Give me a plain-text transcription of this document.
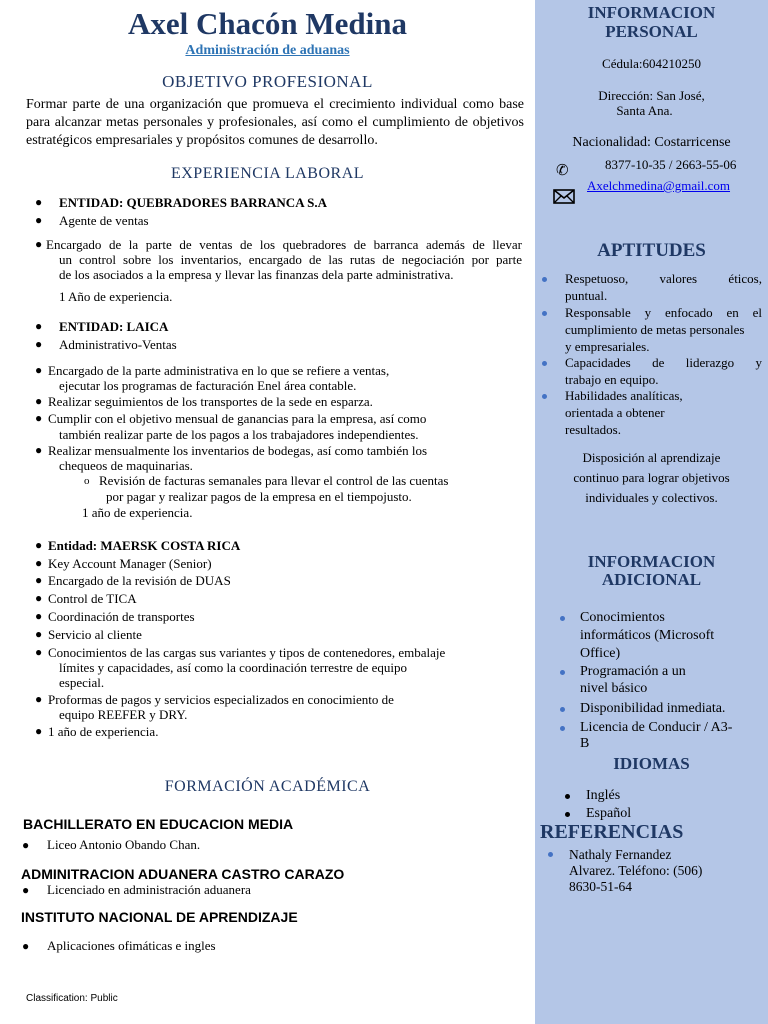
Axel Chacón Medina
Administración de aduanas
OBJETIVO PROFESIONAL
Formar parte de una organización que promueva el crecimiento individual como base para alcanzar metas personales y profesionales, así como el cumplimiento de objetivos estratégicos empresariales y propósitos comunes de desarrollo.
EXPERIENCIA LABORAL
● ENTIDAD: QUEBRADORES BARRANCA S.A
● Agente de ventas
● Encargado de la parte de ventas de los quebradores de barranca además de llevar
un control sobre los inventarios, encargado de las rutas de negociación por parte
de los asociados a la empresa y llevar las finanzas dela parte administrativa.
1 Año de experiencia.
● ENTIDAD: LAICA
● Administrativo-Ventas
● Encargado de la parte administrativa en lo que se refiere a ventas,
ejecutar los programas de facturación Enel área contable.
● Realizar seguimientos de los transportes de la sede en esparza.
● Cumplir con el objetivo mensual de ganancias para la empresa, así como
también realizar parte de los pagos a los trabajadores independientes.
● Realizar mensualmente los inventarios de bodegas, así como también los
chequeos de maquinarias.
o Revisión de facturas semanales para llevar el control de las cuentas
por pagar y realizar pagos de la empresa en el tiempojusto.
1 año de experiencia.
● Entidad: MAERSK COSTA RICA
● Key Account Manager (Senior)
● Encargado de la revisión de DUAS
● Control de TICA
● Coordinación de transportes
● Servicio al cliente
● Conocimientos de las cargas sus variantes y tipos de contenedores, embalaje
límites y capacidades, así como la coordinación terrestre de equipo
especial.
● Proformas de pagos y servicios especializados en conocimiento de
equipo REEFER y DRY.
● 1 año de experiencia.
FORMACIÓN ACADÉMICA
BACHILLERATO EN EDUCACION MEDIA
● Liceo Antonio Obando Chan.
ADMINITRACION ADUANERA CASTRO CARAZO
● Licenciado en administración aduanera
INSTITUTO NACIONAL DE APRENDIZAJE
● Aplicaciones ofimáticas e ingles
Classification: Public
INFORMACION
PERSONAL
Cédula:604210250
Dirección: San José,
Santa Ana.
Nacionalidad: Costarricense
✆	8377-10-35 / 2663-55-06
Axelchmedina@gmail.com
APTITUDES
Respetuoso, valores éticos,
puntual.
Responsable y enfocado en el
cumplimiento de metas personales
y empresariales.
Capacidades de liderazgo y
trabajo en equipo.
Habilidades analíticas,
orientada a obtener
resultados.
Disposición al aprendizaje
continuo para lograr objetivos
individuales y colectivos.
INFORMACION
ADICIONAL
Conocimientos
informáticos (Microsoft
Office)
Programación a un
nivel básico
Disponibilidad inmediata.
Licencia de Conducir / A3-
B
IDIOMAS
Inglés
Español
REFERENCIAS
Nathaly Fernandez
Alvarez. Teléfono: (506)
8630-51-64
